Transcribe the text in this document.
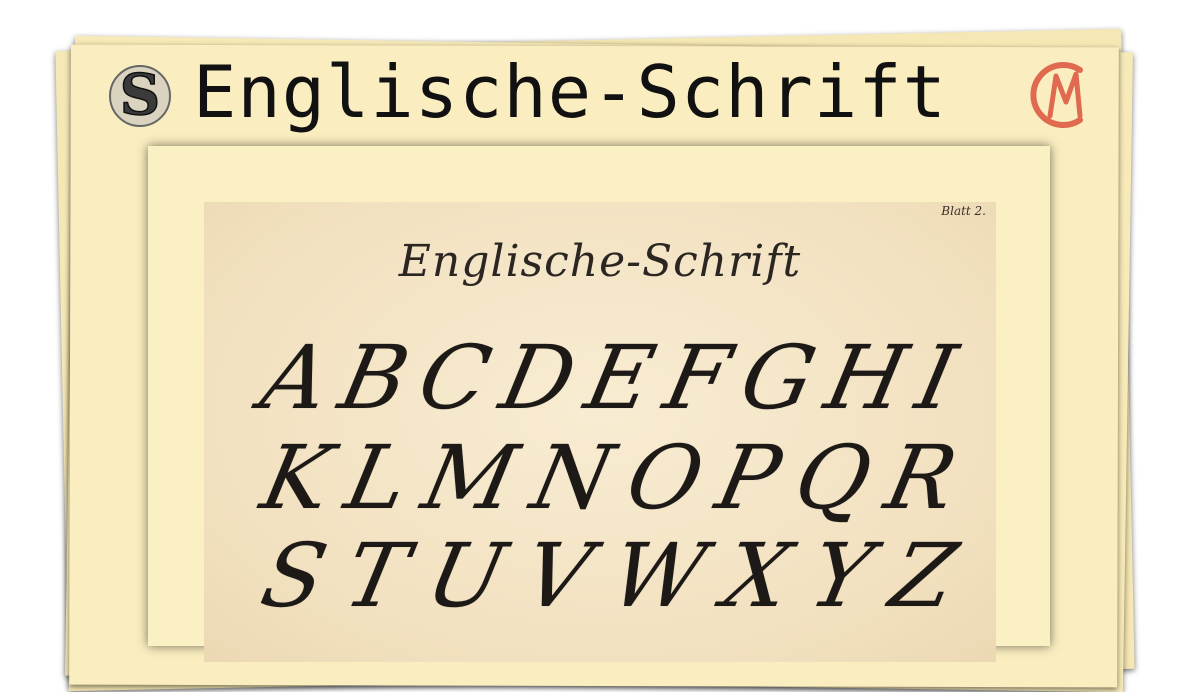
S Englische-Schrift
Blatt 2.
Englische-Schrift
A
B
C
D
E
F
G
H
I
K
L
M
N
O
P
Q
R
S T U V W X Y Z
